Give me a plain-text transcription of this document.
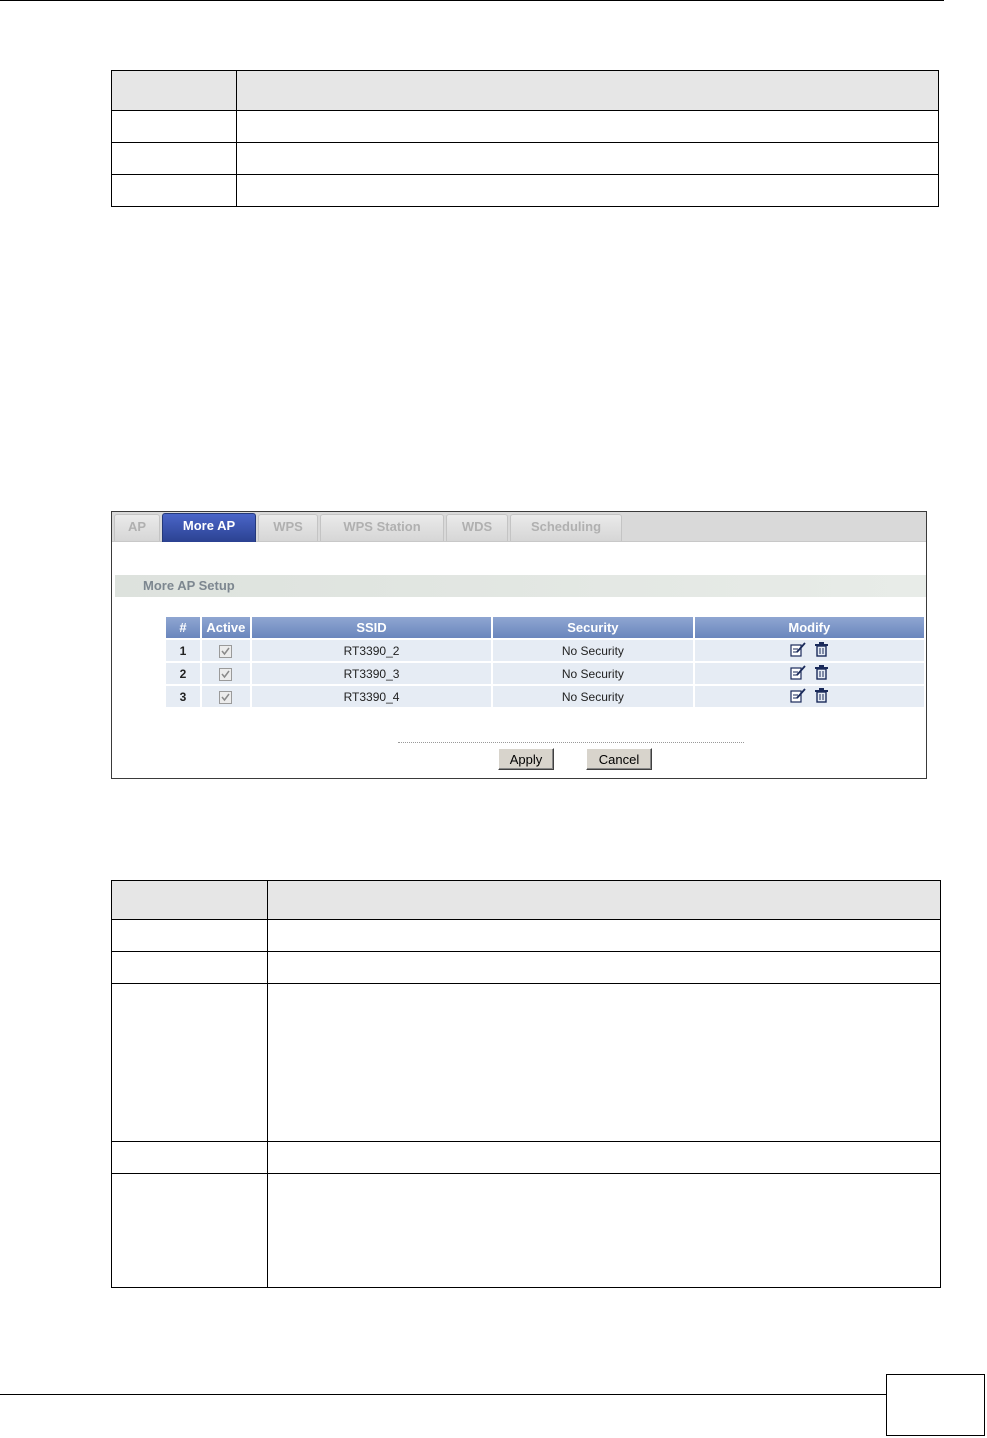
AP	More AP	WPS	WPS Station	WDS	Scheduling
More AP Setup
#	Active	SSID	Security	Modify
1		RT3390_2	No Security	
2		RT3390_3	No Security	
3		RT3390_4	No Security	
Apply	Cancel
